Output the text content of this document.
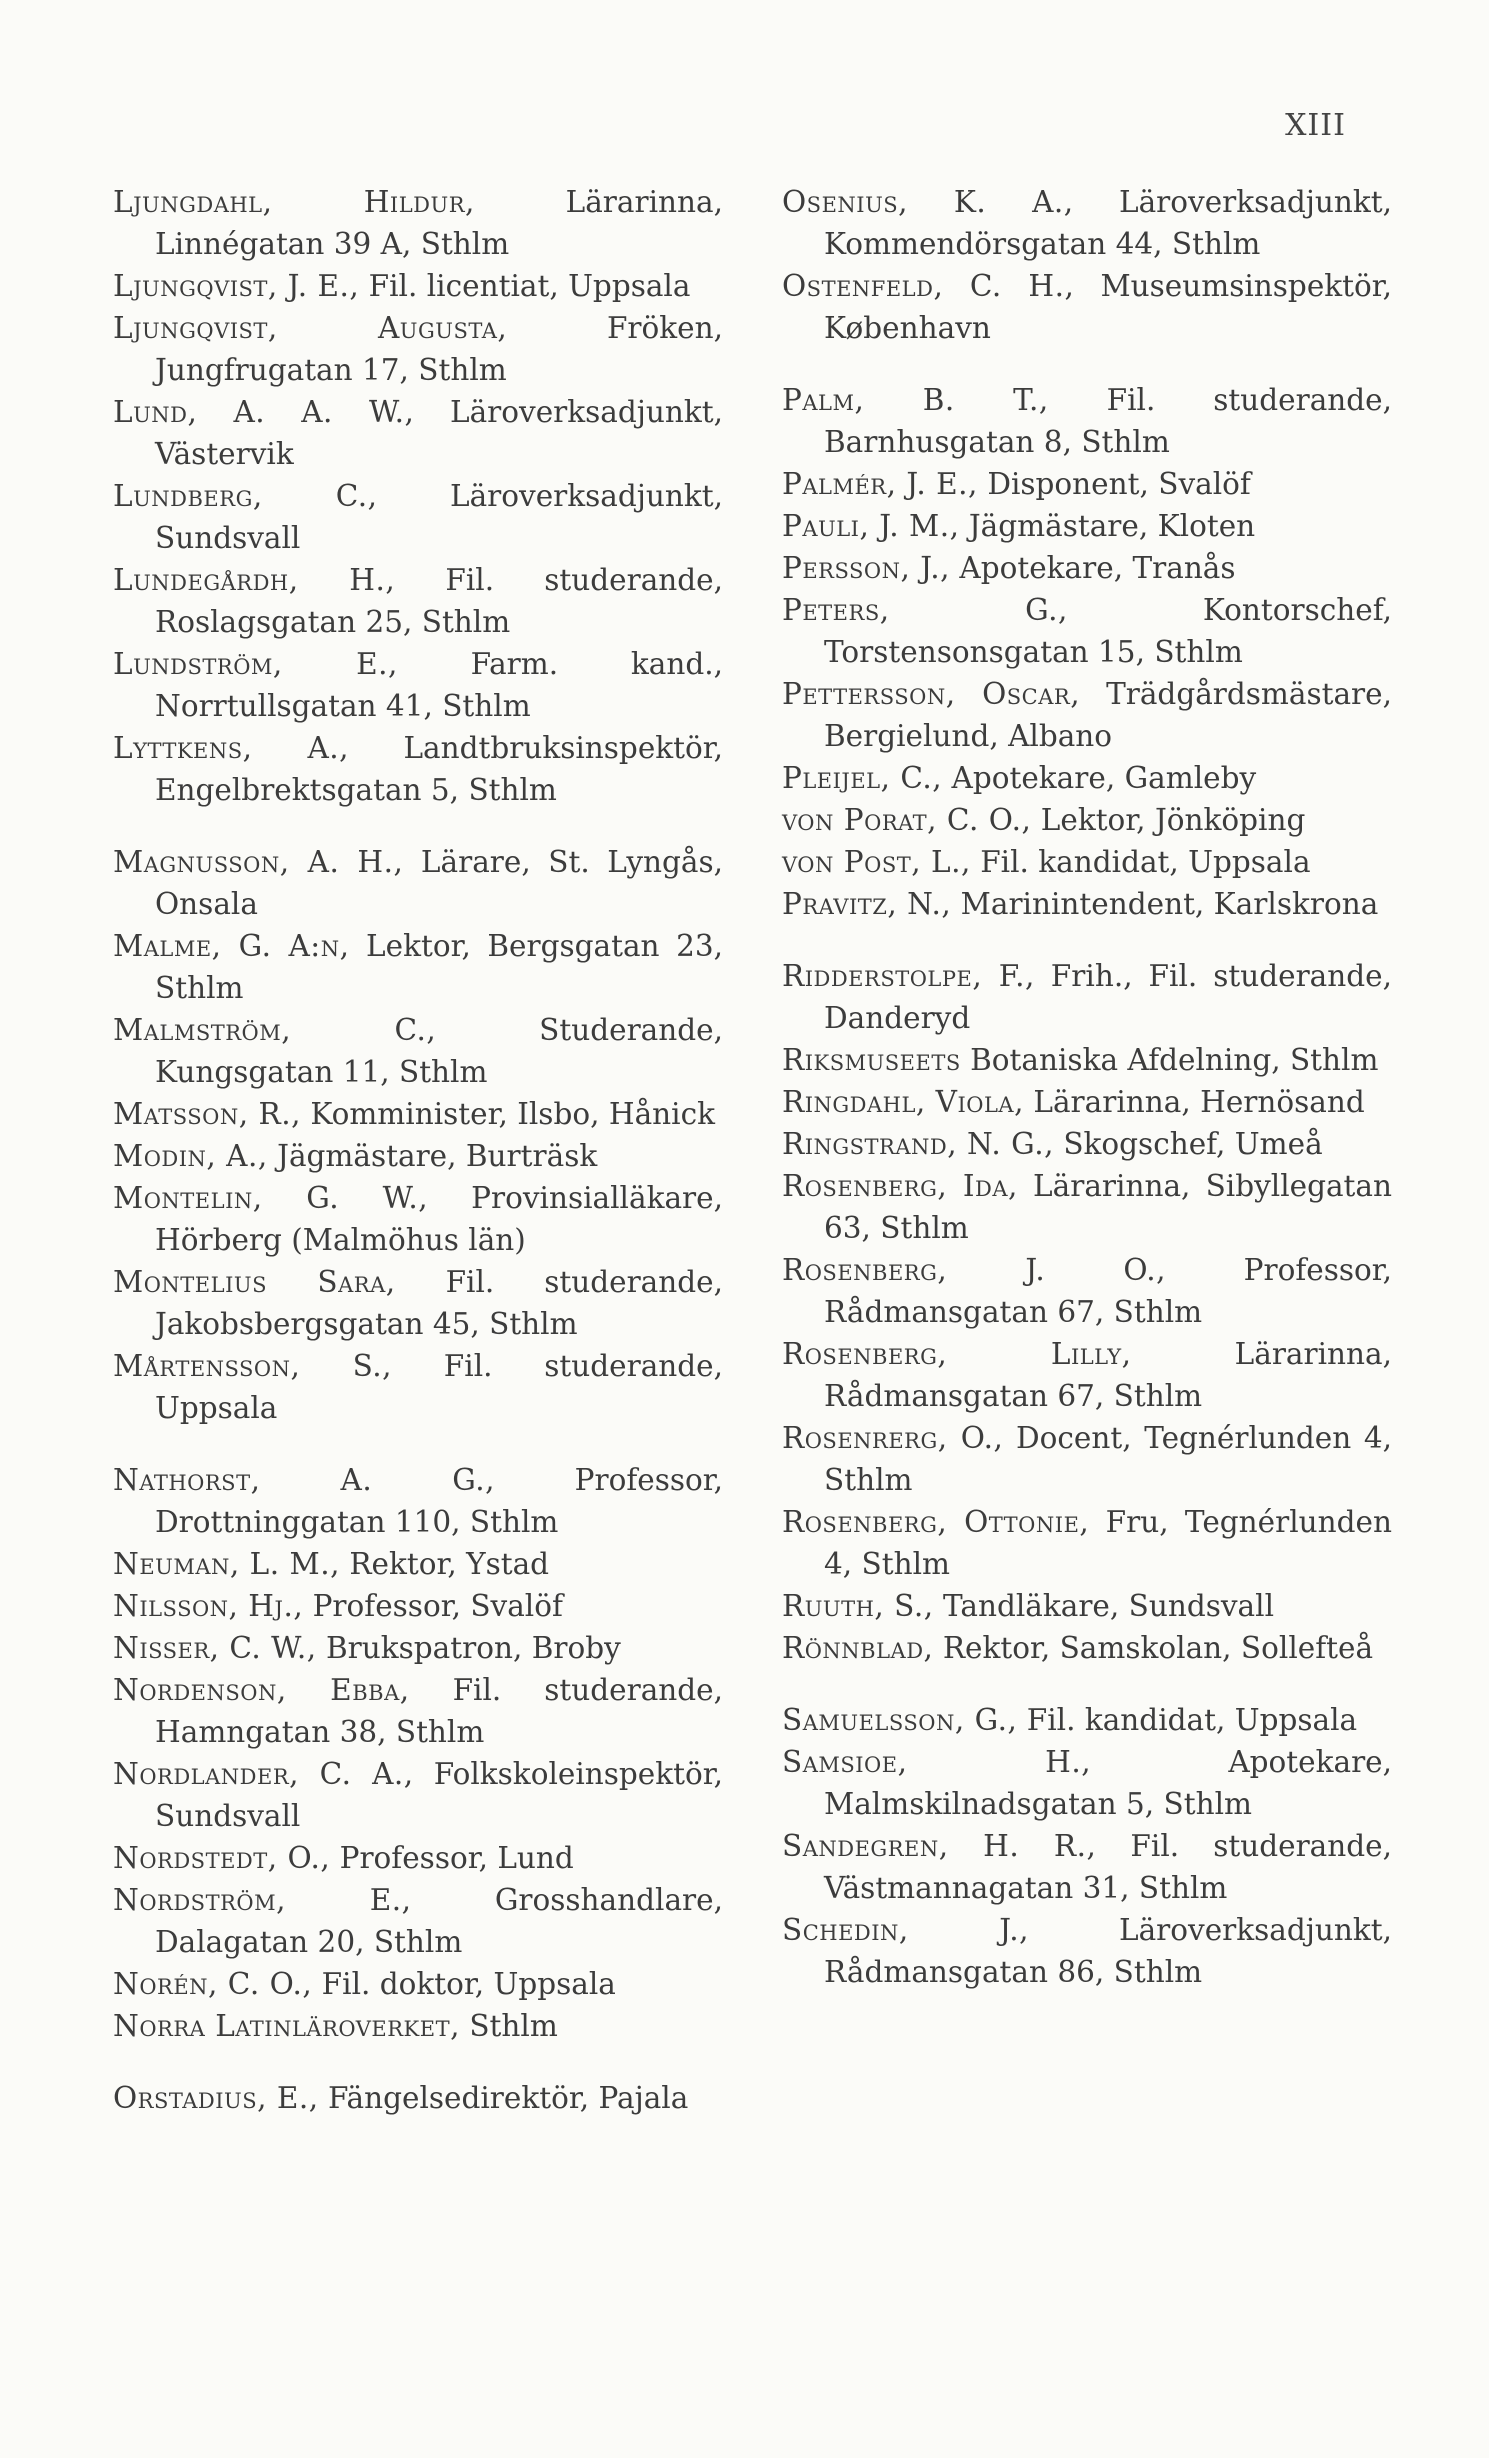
XIII

Ljungdahl, Hildur, Lärarinna, Linnégatan 39 A, Sthlm

Ljungqvist, J. E., Fil. licentiat, Uppsala

Ljungqvist, Augusta, Fröken, Jungfrugatan 17, Sthlm

Lund, A. A. W., Läroverksadjunkt, Västervik

Lundberg, C., Läroverksadjunkt, Sundsvall

Lundegårdh, H., Fil. studerande, Roslagsgatan 25, Sthlm

Lundström, E., Farm. kand., Norrtullsgatan 41, Sthlm

Lyttkens, A., Landtbruksinspektör, Engelbrektsgatan 5, Sthlm

Magnusson, A. H., Lärare, St. Lyngås, Onsala

Malme, G. A:n, Lektor, Bergsgatan 23, Sthlm

Malmström, C., Studerande, Kungsgatan 11, Sthlm

Matsson, R., Komminister, Ilsbo, Hånick

Modin, A., Jägmästare, Burträsk

Montelin, G. W., Provinsialläkare, Hörberg (Malmöhus län)

Montelius Sara, Fil. studerande, Jakobsbergsgatan 45, Sthlm

Mårtensson, S., Fil. studerande, Uppsala

Nathorst, A. G., Professor, Drottninggatan 110, Sthlm

Neuman, L. M., Rektor, Ystad

Nilsson, Hj., Professor, Svalöf

Nisser, C. W., Brukspatron, Broby

Nordenson, Ebba, Fil. studerande, Hamngatan 38, Sthlm

Nordlander, C. A., Folkskoleinspektör, Sundsvall

Nordstedt, O., Professor, Lund

Nordström, E., Grosshandlare, Dalagatan 20, Sthlm

Norén, C. O., Fil. doktor, Uppsala

Norra Latinläroverket, Sthlm

Orstadius, E., Fängelsedirektör, Pajala

Osenius, K. A., Läroverksadjunkt, Kommendörsgatan 44, Sthlm

Ostenfeld, C. H., Museumsinspektör, København

Palm, B. T., Fil. studerande, Barnhusgatan 8, Sthlm

Palmér, J. E., Disponent, Svalöf

Pauli, J. M., Jägmästare, Kloten

Persson, J., Apotekare, Tranås

Peters, G., Kontorschef, Torstensonsgatan 15, Sthlm

Pettersson, Oscar, Trädgårdsmästare, Bergielund, Albano

Pleijel, C., Apotekare, Gamleby

von Porat, C. O., Lektor, Jönköping

von Post, L., Fil. kandidat, Uppsala

Pravitz, N., Marinintendent, Karlskrona

Ridderstolpe, F., Frih., Fil. studerande, Danderyd

Riksmuseets Botaniska Afdelning, Sthlm

Ringdahl, Viola, Lärarinna, Hernösand

Ringstrand, N. G., Skogschef, Umeå

Rosenberg, Ida, Lärarinna, Sibyllegatan 63, Sthlm

Rosenberg, J. O., Professor, Rådmansgatan 67, Sthlm

Rosenberg, Lilly, Lärarinna, Rådmansgatan 67, Sthlm

Rosenrerg, O., Docent, Tegnérlunden 4, Sthlm

Rosenberg, Ottonie, Fru, Tegnérlunden 4, Sthlm

Ruuth, S., Tandläkare, Sundsvall

Rönnblad, Rektor, Samskolan, Sollefteå

Samuelsson, G., Fil. kandidat, Uppsala

Samsioe, H., Apotekare, Malmskilnadsgatan 5, Sthlm

Sandegren, H. R., Fil. studerande, Västmannagatan 31, Sthlm

Schedin, J., Läroverksadjunkt, Rådmansgatan 86, Sthlm
